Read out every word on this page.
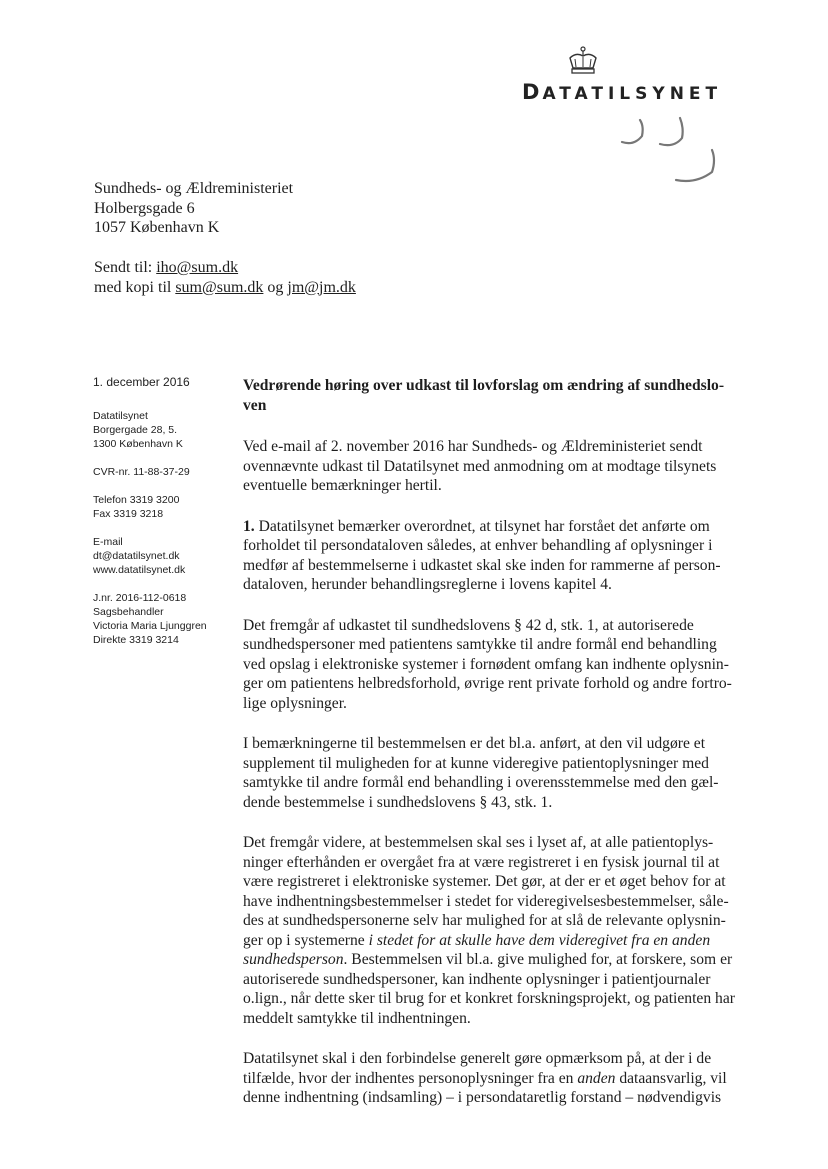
DATATILSYNET
Sundheds- og Ældreministeriet
Holbergsgade 6
1057 København K
Sendt til: iho@sum.dk
med kopi til sum@sum.dk og jm@jm.dk
1. december 2016
Datatilsynet
Borgergade 28, 5.
1300 København K
CVR-nr. 11-88-37-29
Telefon 3319 3200
Fax 3319 3218
E-mail
dt@datatilsynet.dk
www.datatilsynet.dk
J.nr. 2016-112-0618
Sagsbehandler
Victoria Maria Ljunggren
Direkte 3319 3214
Vedrørende høring over udkast til lovforslag om ændring af sundhedslo- ven

Ved e-mail af 2. november 2016 har Sundheds- og Ældreministeriet sendt ovennævnte udkast til Datatilsynet med anmodning om at modtage tilsynets eventuelle bemærkninger hertil.

1. Datatilsynet bemærker overordnet, at tilsynet har forstået det anførte om forholdet til persondataloven således, at enhver behandling af oplysninger i medfør af bestemmelserne i udkastet skal ske inden for rammerne af person- dataloven, herunder behandlingsreglerne i lovens kapitel 4.

Det fremgår af udkastet til sundhedslovens § 42 d, stk. 1, at autoriserede sundhedspersoner med patientens samtykke til andre formål end behandling ved opslag i elektroniske systemer i fornødent omfang kan indhente oplysnin- ger om patientens helbredsforhold, øvrige rent private forhold og andre fortro- lige oplysninger.

I bemærkningerne til bestemmelsen er det bl.a. anført, at den vil udgøre et supplement til muligheden for at kunne videregive patientoplysninger med samtykke til andre formål end behandling i overensstemmelse med den gæl- dende bestemmelse i sundhedslovens § 43, stk. 1.

Det fremgår videre, at bestemmelsen skal ses i lyset af, at alle patientoplys- ninger efterhånden er overgået fra at være registreret i en fysisk journal til at være registreret i elektroniske systemer. Det gør, at der er et øget behov for at have indhentningsbestemmelser i stedet for videregivelsesbestemmelser, såle- des at sundhedspersonerne selv har mulighed for at slå de relevante oplysnin- ger op i systemerne i stedet for at skulle have dem videregivet fra en anden sundhedsperson. Bestemmelsen vil bl.a. give mulighed for, at forskere, som er autoriserede sundhedspersoner, kan indhente oplysninger i patientjournaler o.lign., når dette sker til brug for et konkret forskningsprojekt, og patienten har meddelt samtykke til indhentningen.

Datatilsynet skal i den forbindelse generelt gøre opmærksom på, at der i de tilfælde, hvor der indhentes personoplysninger fra en anden dataansvarlig, vil denne indhentning (indsamling) – i persondataretlig forstand – nødvendigvis
